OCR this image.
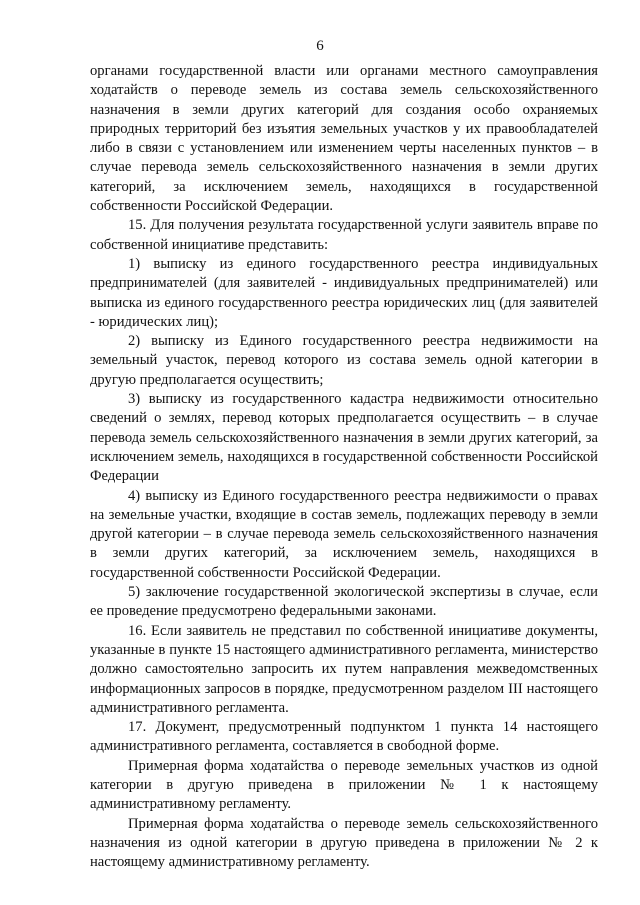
6

органами государственной власти или органами местного самоуправления ходатайств о переводе земель из состава земель сельскохозяйственного назначения в земли других категорий для создания особо охраняемых природных территорий без изъятия земельных участков у их правообладателей либо в связи с установлением или изменением черты населенных пунктов – в случае перевода земель сельскохозяйственного назначения в земли других категорий, за исключением земель, находящихся в государственной собственности Российской Федерации.

15. Для получения результата государственной услуги заявитель вправе по собственной инициативе представить:

1) выписку из единого государственного реестра индивидуальных предпринимателей (для заявителей - индивидуальных предпринимателей) или выписка из единого государственного реестра юридических лиц (для заявителей - юридических лиц);

2) выписку из Единого государственного реестра недвижимости на земельный участок, перевод которого из состава земель одной категории в другую предполагается осуществить;

3) выписку из государственного кадастра недвижимости относительно сведений о землях, перевод которых предполагается осуществить – в случае перевода земель сельскохозяйственного назначения в земли других категорий, за исключением земель, находящихся в государственной собственности Российской Федерации

4) выписку из Единого государственного реестра недвижимости о правах на земельные участки, входящие в состав земель, подлежащих переводу в земли другой категории – в случае перевода земель сельскохозяйственного назначения в земли других категорий, за исключением земель, находящихся в государственной собственности Российской Федерации.

5) заключение государственной экологической экспертизы в случае, если ее проведение предусмотрено федеральными законами.

16. Если заявитель не представил по собственной инициативе документы, указанные в пункте 15 настоящего административного регламента, министерство должно самостоятельно запросить их путем направления межведомственных информационных запросов в порядке, предусмотренном разделом III настоящего административного регламента.

17. Документ, предусмотренный подпунктом 1 пункта 14 настоящего административного регламента, составляется в свободной форме.

Примерная форма ходатайства о переводе земельных участков из одной категории в другую приведена в приложении № 1 к настоящему административному регламенту.

Примерная форма ходатайства о переводе земель сельскохозяйственного назначения из одной категории в другую приведена в приложении № 2 к настоящему административному регламенту.
